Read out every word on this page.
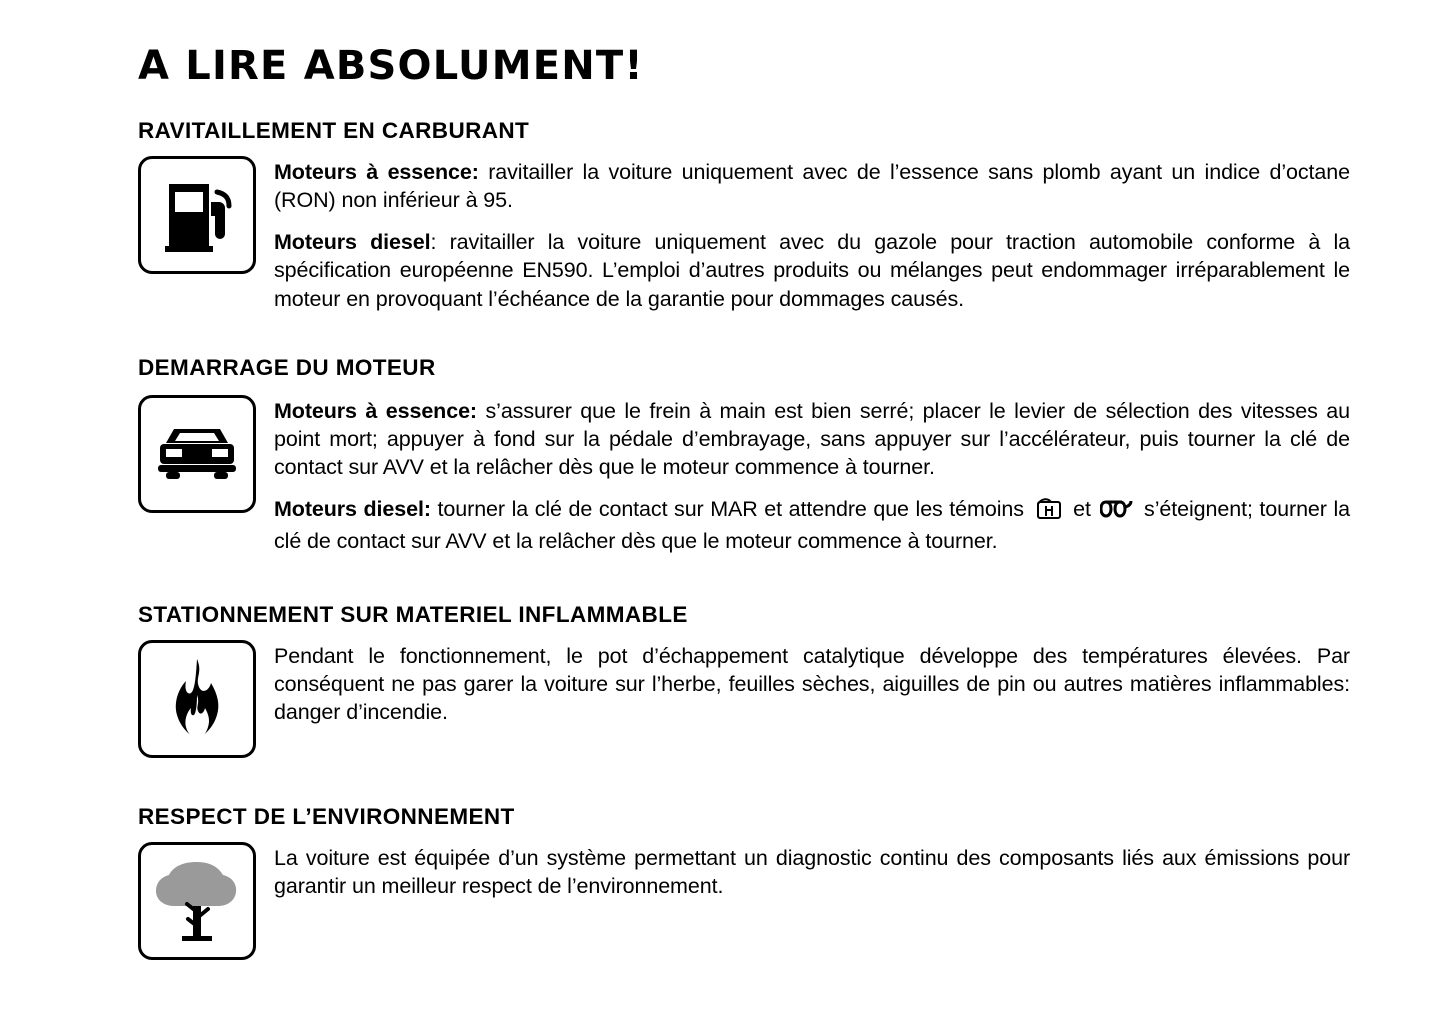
A LIRE ABSOLUMENT!
RAVITAILLEMENT EN CARBURANT

Moteurs à essence: ravitailler la voiture uniquement avec de l’essence sans plomb ayant un indice d’octane (RON) non inférieur à 95.

Moteurs diesel: ravitailler la voiture uniquement avec du gazole pour traction automobile conforme à la spécification européenne EN590. L’emploi d’autres produits ou mélanges peut endommager irréparablement le moteur en provoquant l’échéance de la garantie pour dommages causés.

DEMARRAGE DU MOTEUR

Moteurs à essence: s’assurer que le frein à main est bien serré; placer le levier de sélection des vitesses au point mort; appuyer à fond sur la pédale d’embrayage, sans appuyer sur l’accélérateur, puis tourner la clé de contact sur AVV et la relâcher dès que le moteur commence à tourner.

Moteurs diesel: tourner la clé de contact sur MAR et attendre que les témoins  et  s’éteignent; tourner la clé de contact sur AVV et la relâcher dès que le moteur commence à tourner.

STATIONNEMENT SUR MATERIEL INFLAMMABLE

Pendant le fonctionnement, le pot d’échappement catalytique développe des températures élevées. Par conséquent ne pas garer la voiture sur l’herbe, feuilles sèches, aiguilles de pin ou autres matières inflammables: danger d’incendie.

RESPECT DE L’ENVIRONNEMENT

La voiture est équipée d’un système permettant un diagnostic continu des composants liés aux émissions pour garantir un meilleur respect de l’environnement.
